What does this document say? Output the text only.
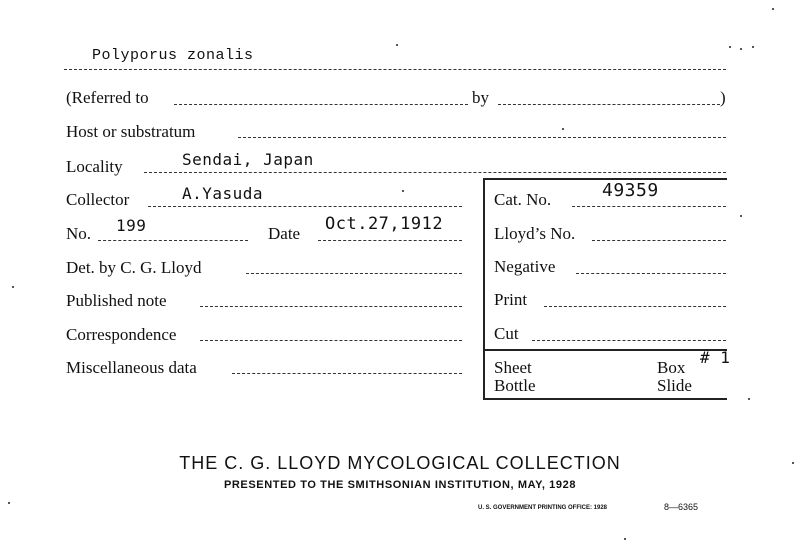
Polyporus zonalis
(Referred to	by	)
Host or substratum
Locality	Sendai, Japan
Collector	A.Yasuda	Cat. No.	49359
No. 199	Date Oct.27,1912	Lloyd’s No.
Det. by C. G. Lloyd	Negative
Published note	Print
Correspondence	Cut
Miscellaneous data	Sheet	Box
# 1
Bottle	Slide
THE C. G. LLOYD MYCOLOGICAL COLLECTION
PRESENTED TO THE SMITHSONIAN INSTITUTION, MAY, 1928
U. S. GOVERNMENT PRINTING OFFICE: 1928	8—6365
